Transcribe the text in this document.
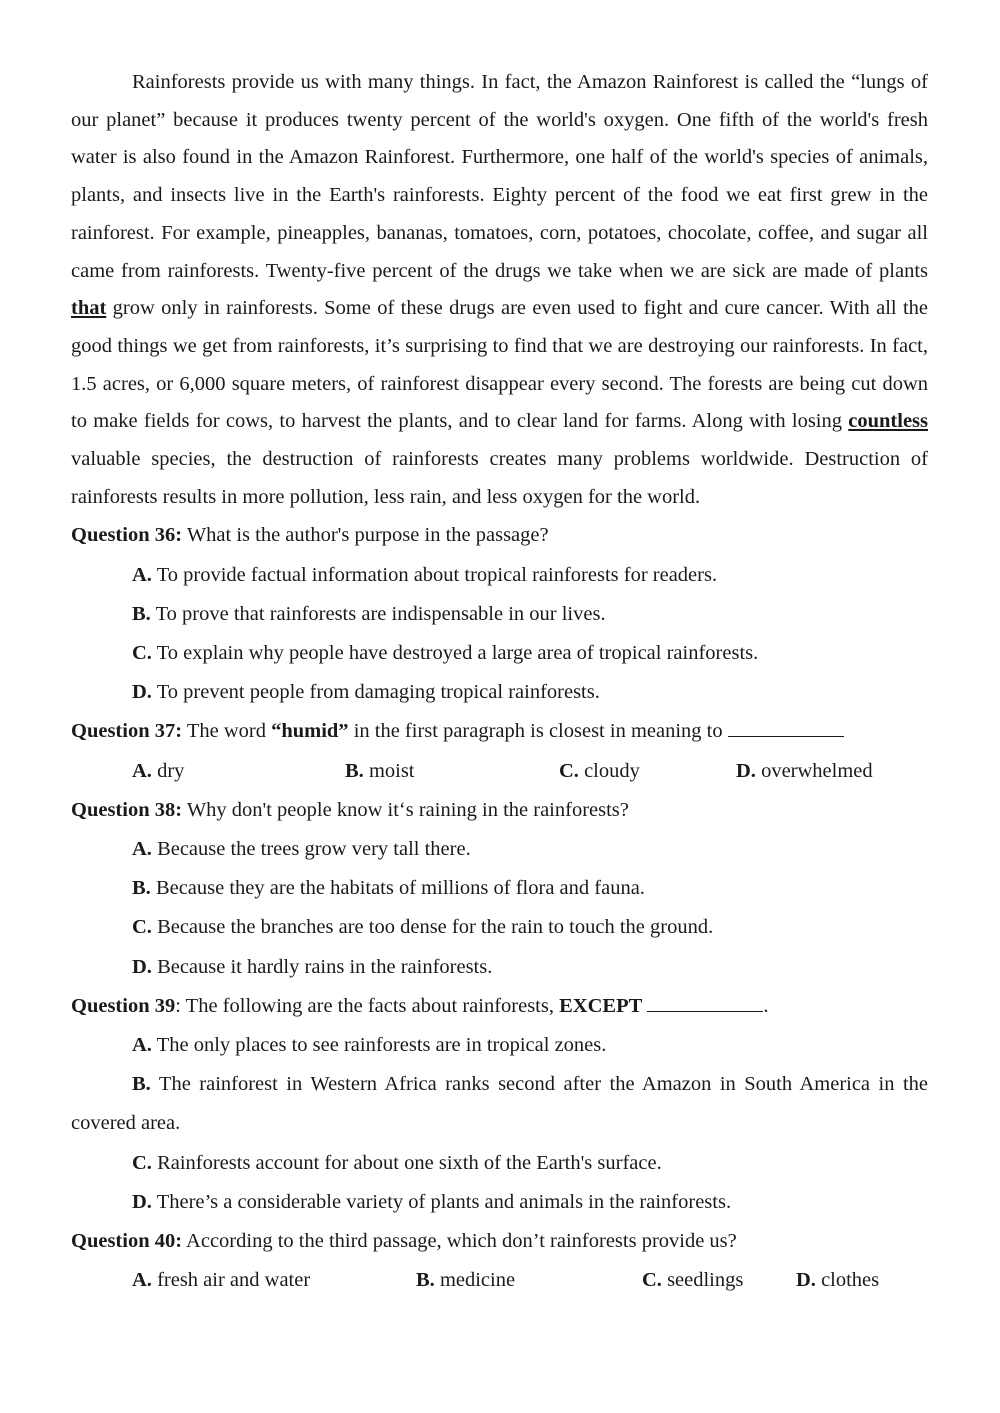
Rainforests provide us with many things. In fact, the Amazon Rainforest is called the “lungs of our planet” because it produces twenty percent of the world's oxygen. One fifth of the world's fresh water is also found in the Amazon Rainforest. Furthermore, one half of the world's species of animals, plants, and insects live in the Earth's rainforests. Eighty percent of the food we eat first grew in the rainforest. For example, pineapples, bananas, tomatoes, corn, potatoes, chocolate, coffee, and sugar all came from rainforests. Twenty-five percent of the drugs we take when we are sick are made of plants that grow only in rainforests. Some of these drugs are even used to fight and cure cancer. With all the good things we get from rainforests, it’s surprising to find that we are destroying our rainforests. In fact, 1.5 acres, or 6,000 square meters, of rainforest disappear every second. The forests are being cut down to make fields for cows, to harvest the plants, and to clear land for farms. Along with losing countless valuable species, the destruction of rainforests creates many problems worldwide. Destruction of rainforests results in more pollution, less rain, and less oxygen for the world.

Question 36: What is the author's purpose in the passage?

A. To provide factual information about tropical rainforests for readers.

B. To prove that rainforests are indispensable in our lives.

C. To explain why people have destroyed a large area of tropical rainforests.

D. To prevent people from damaging tropical rainforests.

Question 37: The word “humid” in the first paragraph is closest in meaning to

A. dry	B. moist	C. cloudy	D. overwhelmed

Question 38: Why don't people know it‘s raining in the rainforests?

A. Because the trees grow very tall there.

B. Because they are the habitats of millions of flora and fauna.

C. Because the branches are too dense for the rain to touch the ground.

D. Because it hardly rains in the rainforests.

Question 39: The following are the facts about rainforests, EXCEPT	.

A. The only places to see rainforests are in tropical zones.

B. The rainforest in Western Africa ranks second after the Amazon in South America in the covered area.

C. Rainforests account for about one sixth of the Earth's surface.

D. There’s a considerable variety of plants and animals in the rainforests.

Question 40: According to the third passage, which don’t rainforests provide us?

A. fresh air and water	B. medicine	C. seedlings	D. clothes
